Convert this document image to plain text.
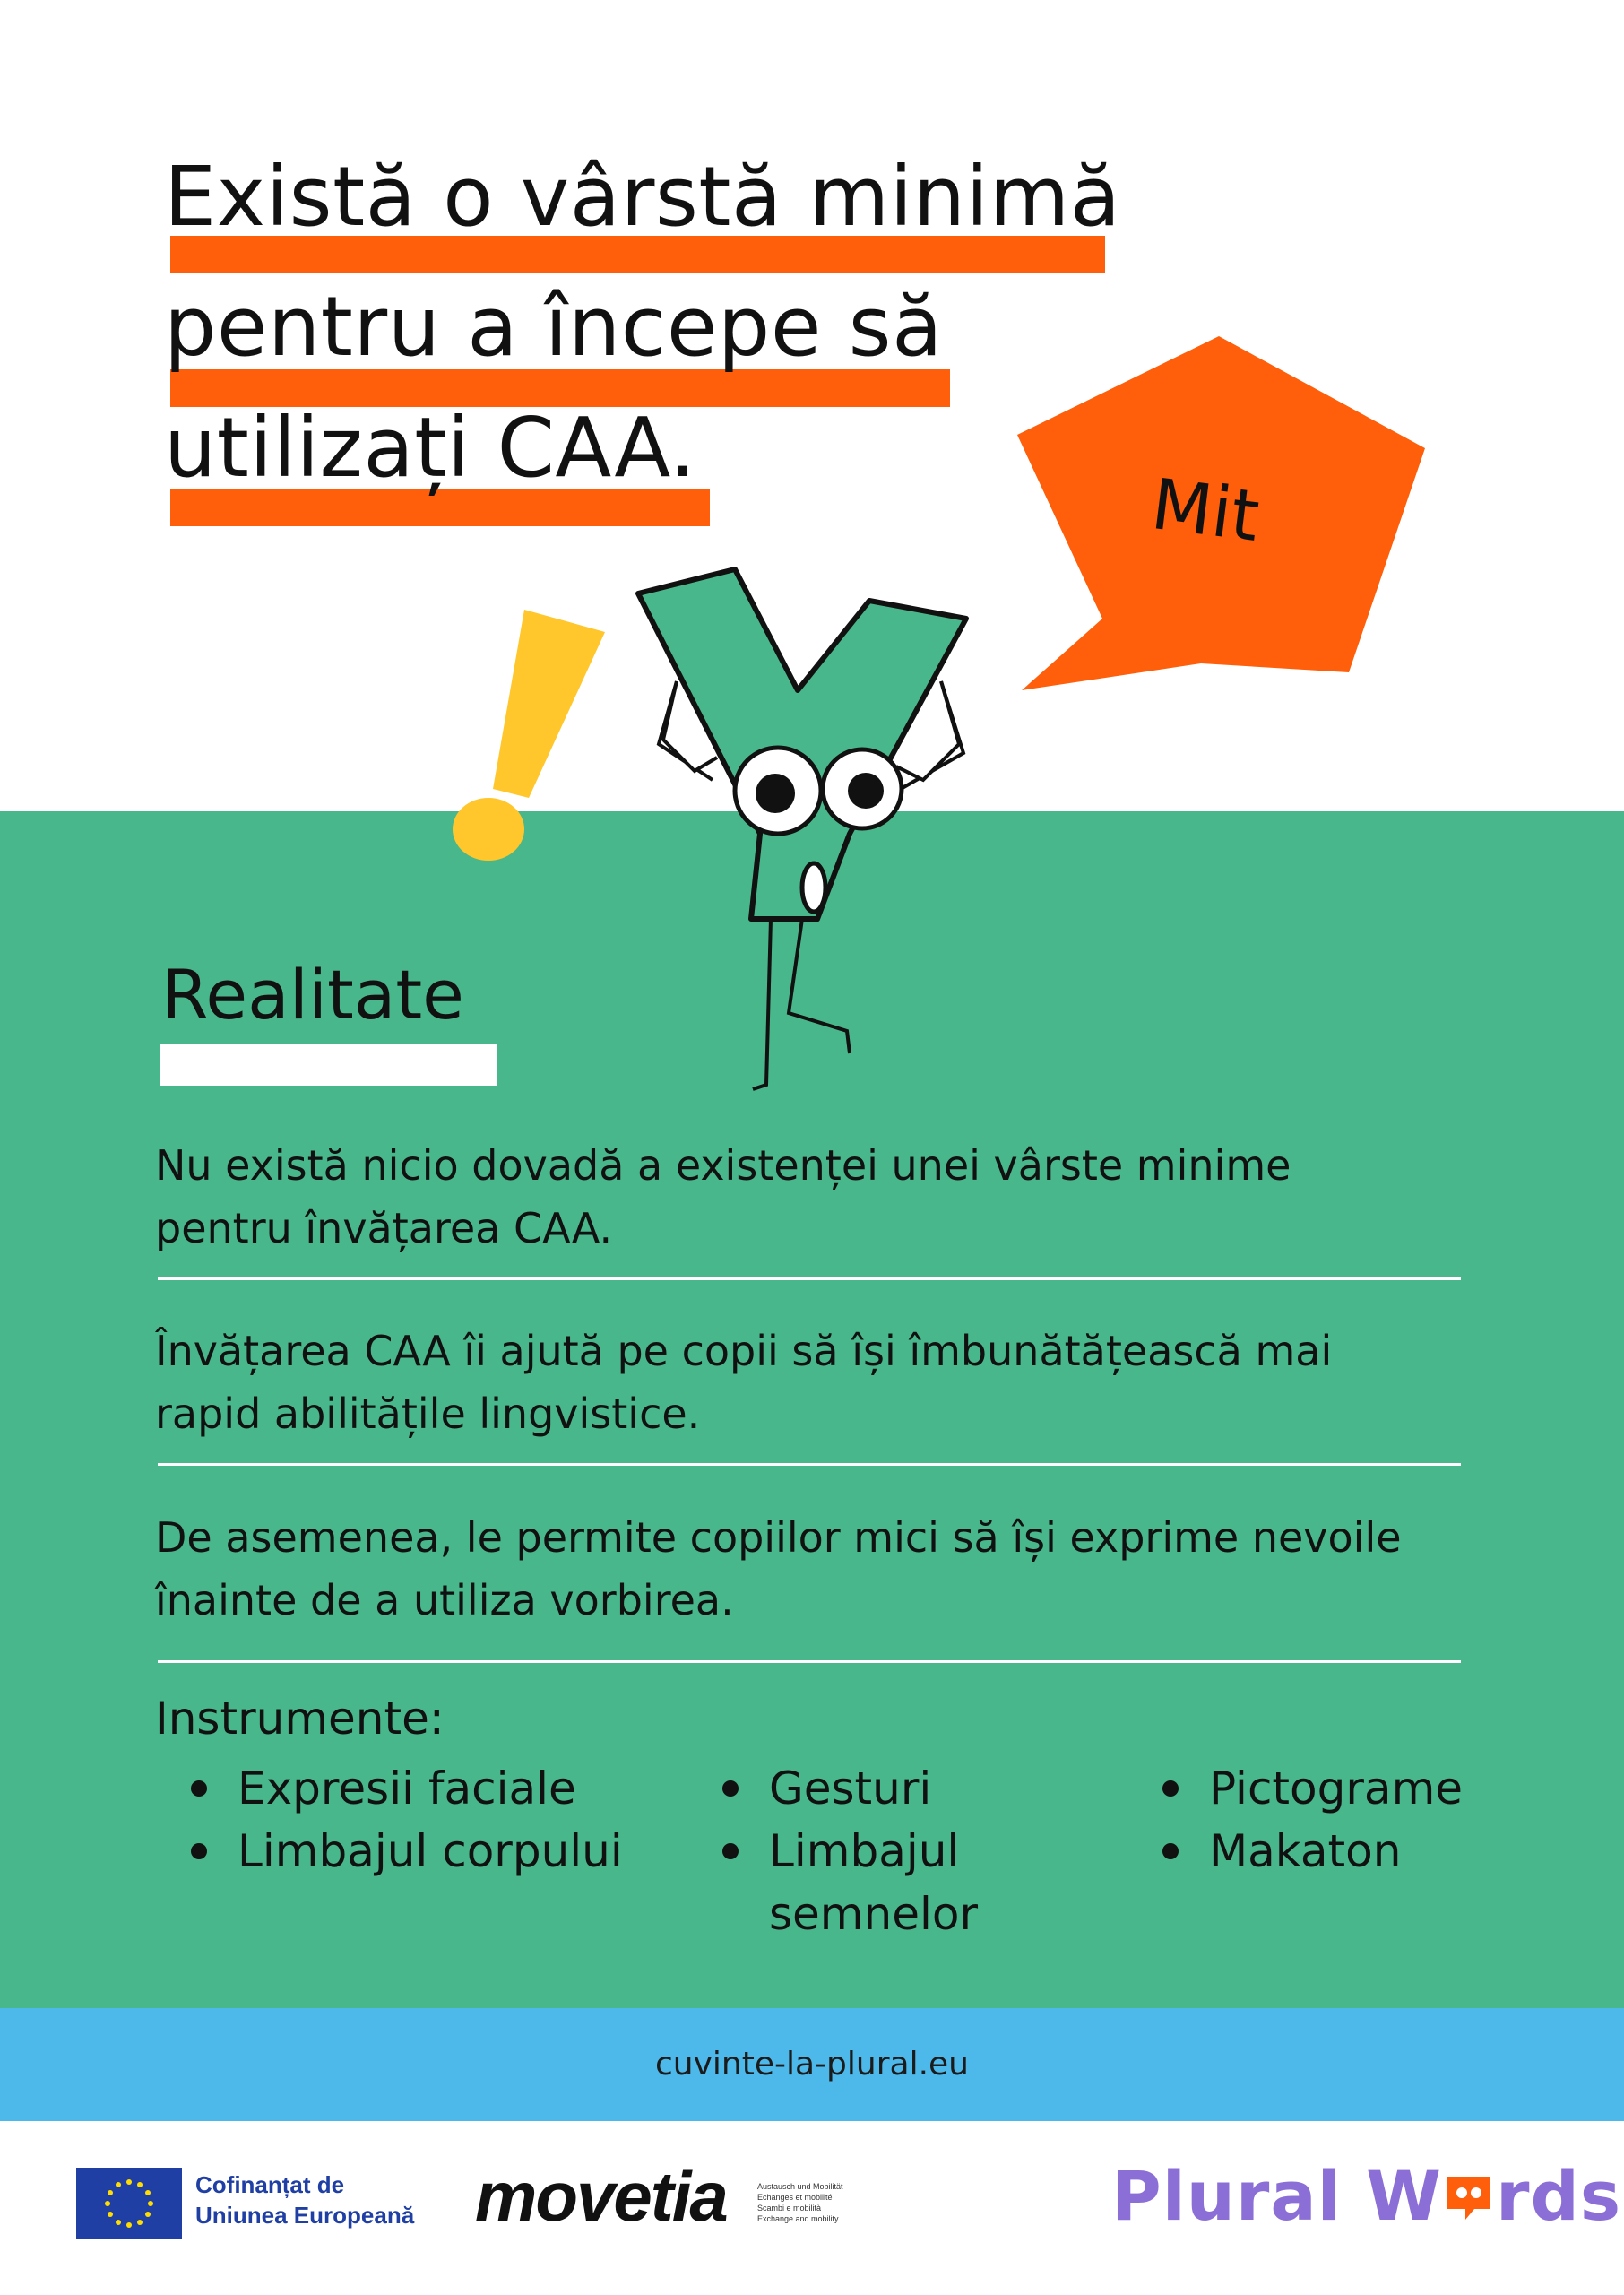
Există o vârstă minimă
pentru a începe să
utilizați CAA.
Mit
Realitate
Nu există nicio dovadă a existenței unei vârste minime
pentru învățarea CAA.
Învățarea CAA îi ajută pe copii să își îmbunătățească mai
rapid abilitățile lingvistice.
De asemenea, le permite copiilor mici să își exprime nevoile
înainte de a utiliza vorbirea.
Instrumente:
Expresii faciale
Limbajul corpului
Gesturi
Limbajul semnelor
Pictograme
Makaton
cuvinte-la-plural.eu
Cofinanțat de
Uniunea Europeană movetia	Austausch und Mobilität
Echanges et mobilité
Scambi e mobilità
Exchange and mobility	Plural W rds
